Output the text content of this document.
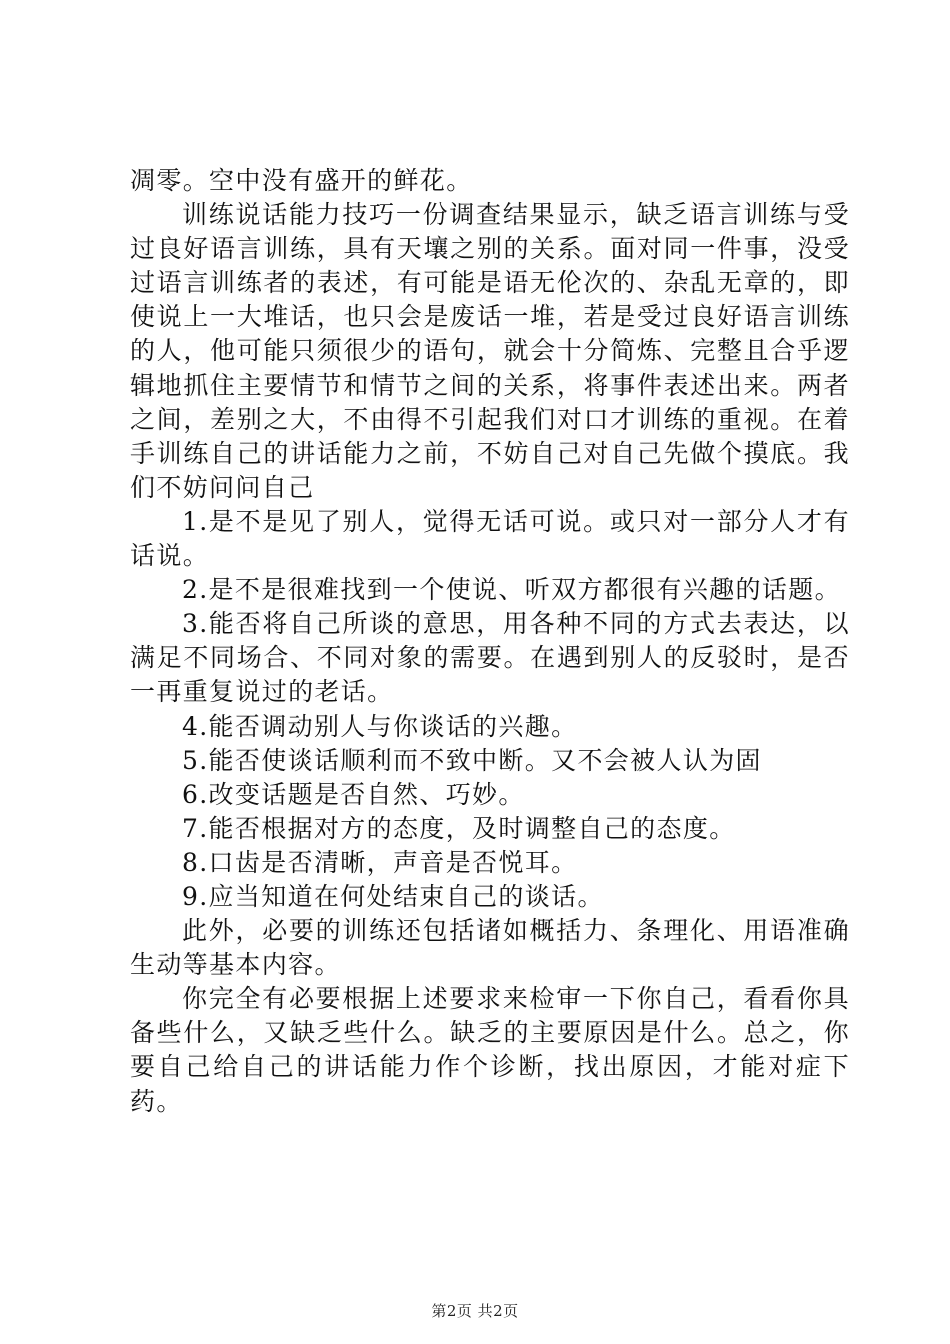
凋零。空中没有盛开的鲜花。

训练说话能力技巧一份调查结果显示，缺乏语言训练与受过良好语言训练，具有天壤之别的关系。面对同一件事，没受过语言训练者的表述，有可能是语无伦次的、杂乱无章的，即使说上一大堆话，也只会是废话一堆，若是受过良好语言训练的人，他可能只须很少的语句，就会十分简炼、完整且合乎逻辑地抓住主要情节和情节之间的关系，将事件表述出来。两者之间，差别之大，不由得不引起我们对口才训练的重视。在着手训练自己的讲话能力之前，不妨自己对自己先做个摸底。我们不妨问问自己

1.是不是见了别人，觉得无话可说。或只对一部分人才有话说。

2.是不是很难找到一个使说、听双方都很有兴趣的话题。

3.能否将自己所谈的意思，用各种不同的方式去表达，以满足不同场合、不同对象的需要。在遇到别人的反驳时，是否一再重复说过的老话。

4.能否调动别人与你谈话的兴趣。

5.能否使谈话顺利而不致中断。又不会被人认为固

6.改变话题是否自然、巧妙。

7.能否根据对方的态度，及时调整自己的态度。

8.口齿是否清晰，声音是否悦耳。

9.应当知道在何处结束自己的谈话。

此外，必要的训练还包括诸如概括力、条理化、用语准确生动等基本内容。

你完全有必要根据上述要求来检审一下你自己，看看你具备些什么，又缺乏些什么。缺乏的主要原因是什么。总之，你要自己给自己的讲话能力作个诊断，找出原因，才能对症下药。

第2页 共2页
